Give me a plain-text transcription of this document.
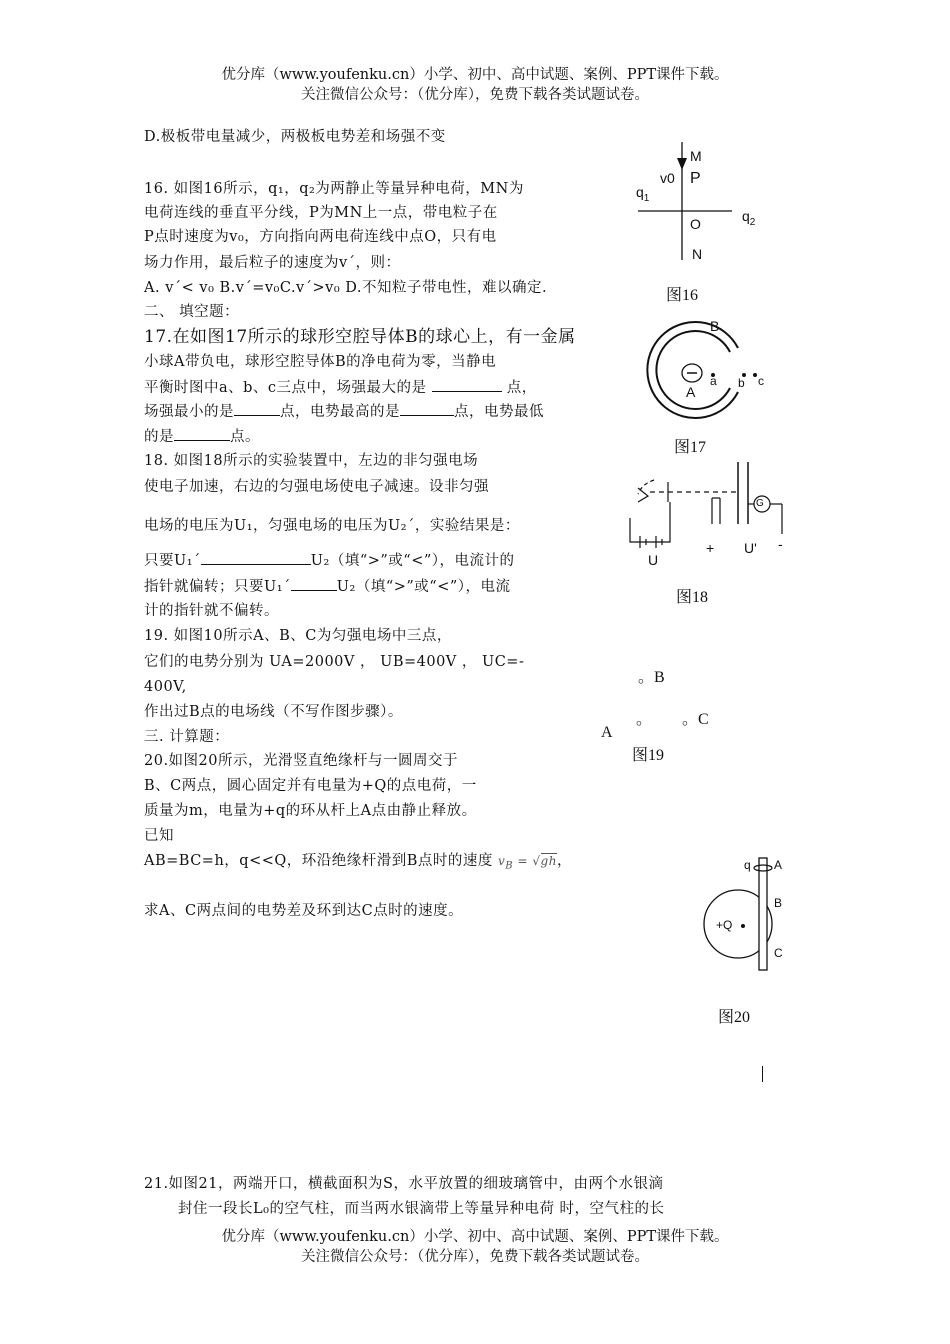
优分库（www.youfenku.cn）小学、初中、高中试题、案例、PPT课件下载。
关注微信公众号：（优分库），免费下载各类试题试卷。
D.极板带电量减少，两极板电势差和场强不变
16. 如图16所示，q₁，q₂为两静止等量异种电荷，MN为
电荷连线的垂直平分线，P为MN上一点，带电粒子在
P点时速度为v₀，方向指向两电荷连线中点O，只有电
场力作用，最后粒子的速度为v´，则：
A. v´< v₀ B.v´=v₀C.v´>v₀ D.不知粒子带电性，难以确定.
二、 填空题：
17.在如图17所示的球形空腔导体B的球心上，有一金属
小球A带负电，球形空腔导体B的净电荷为零，当静电
平衡时图中a、b、c三点中，场强最大的是	点，
场强最小的是	点，电势最高的是	点，电势最低
的是	点。
18. 如图18所示的实验装置中，左边的非匀强电场
使电子加速，右边的匀强电场使电子减速。设非匀强
电场的电压为U₁，匀强电场的电压为U₂´，实验结果是：
只要U₁´	U₂（填“>”或“<”），电流计的
指针就偏转；只要U₁´	U₂（填“>”或“<”），电流
计的指针就不偏转。
19. 如图10所示A、B、C为匀强电场中三点，
它们的电势分别为 UA=2000V ， UB=400V ， UC=-
400V,
作出过B点的电场线（不写作图步骤）。
三. 计算题：
20.如图20所示，光滑竖直绝缘杆与一圆周交于
B、C两点，圆心固定并有电量为+Q的点电荷，一
质量为m，电量为+q的环从杆上A点由静止释放。
已知
AB=BC=h，q<<Q，环沿绝缘杆滑到B点时的速度 $v_B = √gh$，
求A、C两点间的电势差及环到达C点时的速度。
21.如图21，两端开口，横截面积为S，水平放置的细玻璃管中，由两个水银滴
封住一段长L₀的空气柱，而当两水银滴带上等量异种电荷 时，空气柱的长
M
v0 P
$q_1$
O	$q_2$
N
图16
B
A
a b c
图17
G
U
+ U' -
图18
。B
。 。C
A
图19
q A
B
+Q
C
图20
优分库（www.youfenku.cn）小学、初中、高中试题、案例、PPT课件下载。
关注微信公众号：（优分库），免费下载各类试题试卷。
